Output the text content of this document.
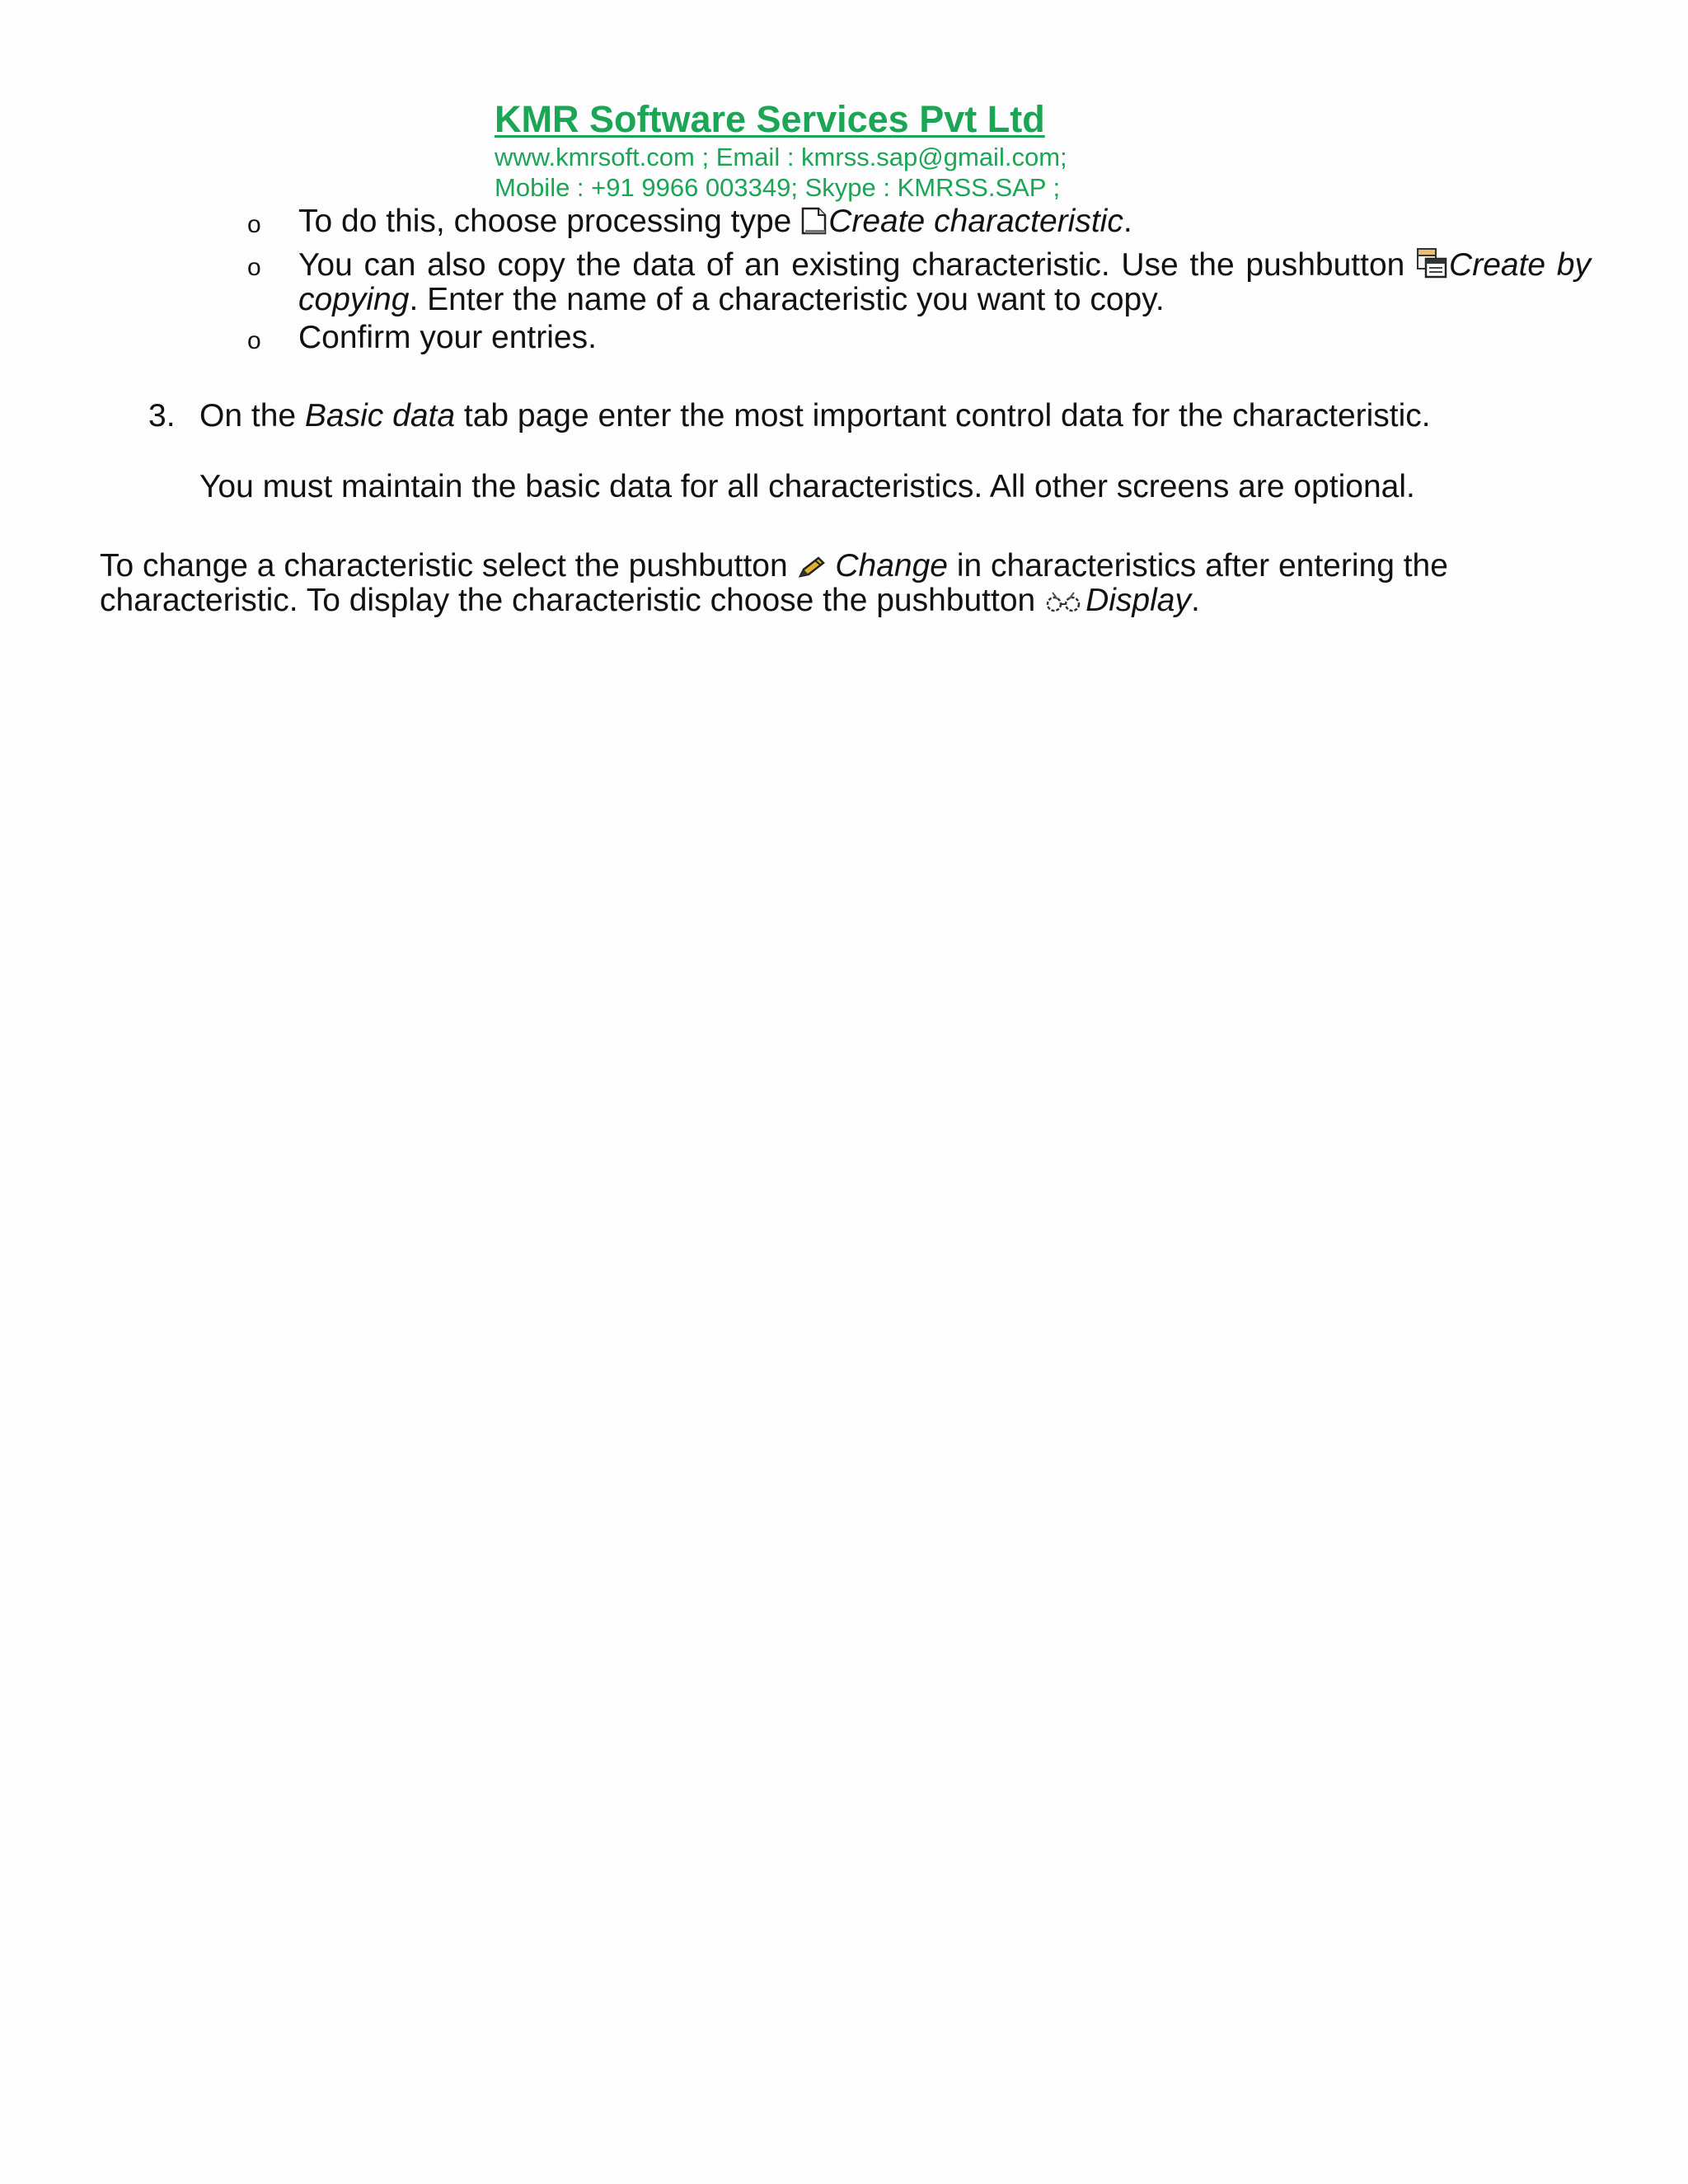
KMR Software Services Pvt Ltd
www.kmrsoft.com ; Email : kmrss.sap@gmail.com;
Mobile : +91 9966 003349; Skype : KMRSS.SAP ;
o To do this, choose processing type
Create characteristic.
o You can also copy the data of an existing characteristic. Use the pushbutton
Create by copying. Enter the name of a characteristic you want to copy.
o Confirm your entries.
3. On the Basic data tab page enter the most important control data for the characteristic.
You must maintain the basic data for all characteristics. All other screens are optional.
To change a characteristic select the pushbutton
Change in characteristics after entering the characteristic. To display the characteristic choose the pushbutton
Display.
